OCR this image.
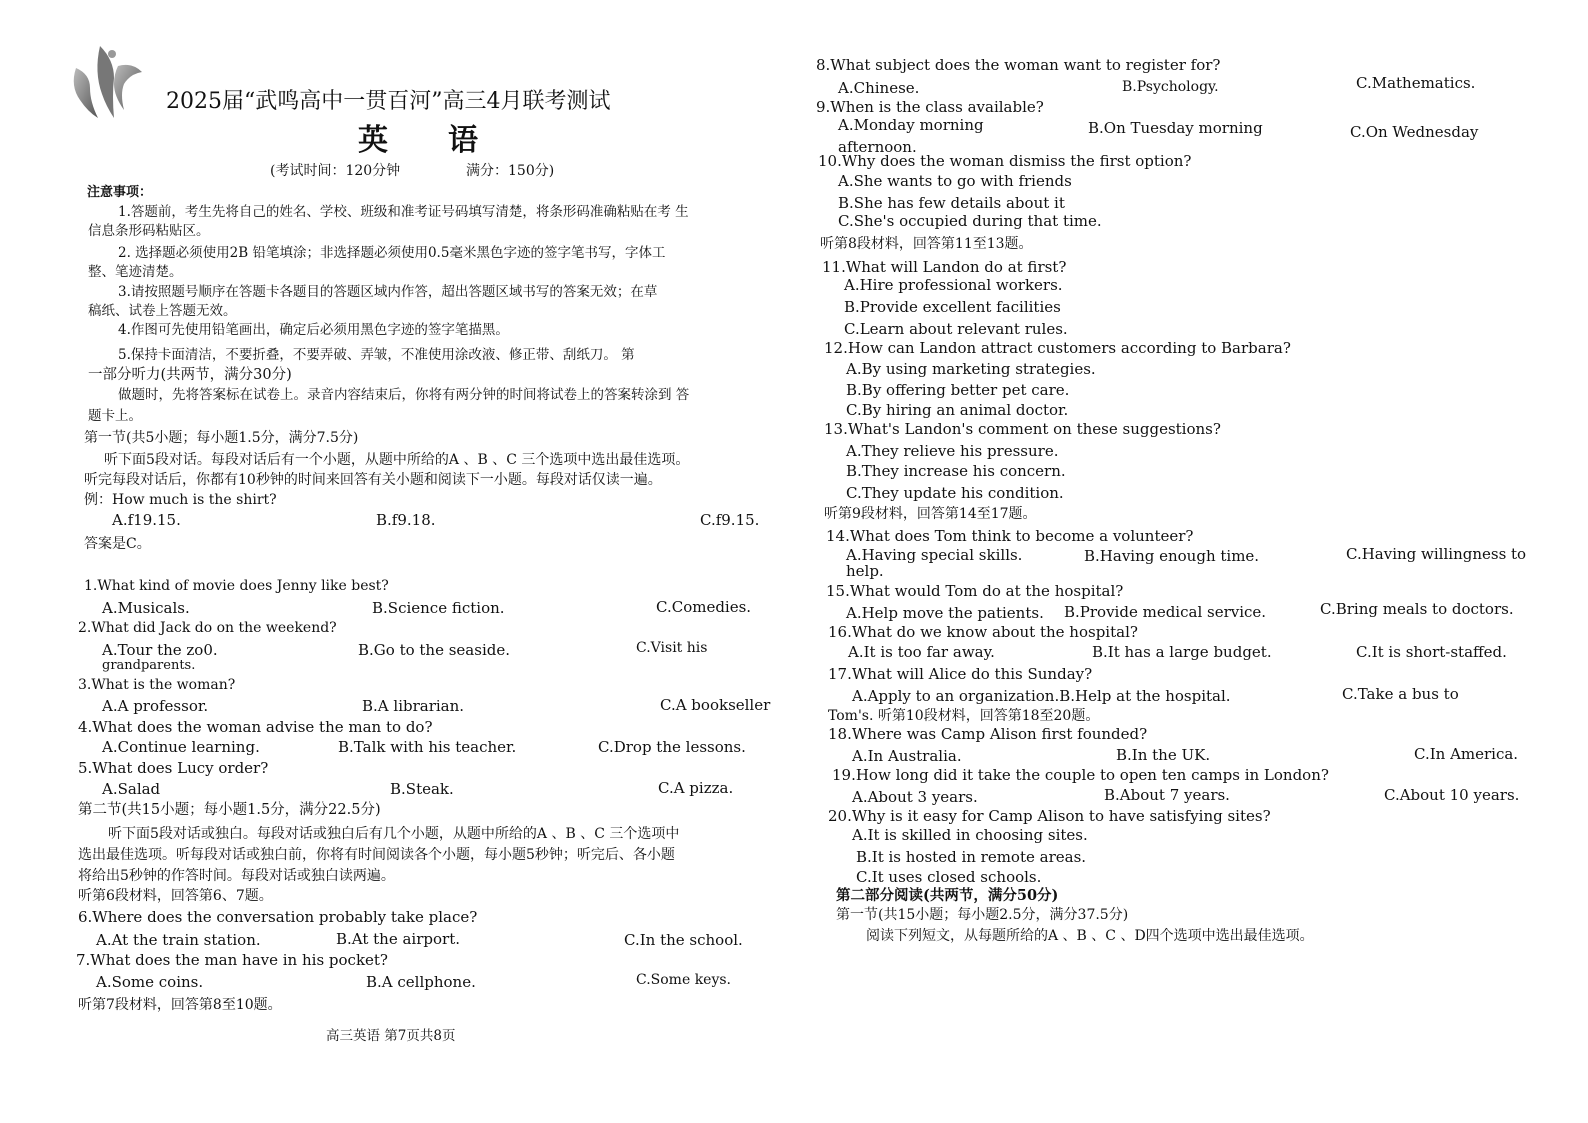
2025届“武鸣高中一贯百河”高三4月联考测试
英 语
(考试时间：120分钟	满分：150分)
注意事项：
1.答题前，考生先将自己的姓名、学校、班级和准考证号码填写清楚，将条形码准确粘贴在考 生
信息条形码粘贴区。
2. 选择题必须使用2B 铅笔填涂；非选择题必须使用0.5毫米黑色字迹的签字笔书写，字体工
整、笔迹清楚。
3.请按照题号顺序在答题卡各题目的答题区域内作答，超出答题区域书写的答案无效；在草
稿纸、试卷上答题无效。
4.作图可先使用铅笔画出，确定后必须用黑色字迹的签字笔描黑。
5.保持卡面清洁，不要折叠，不要弄破、弄皱，不准使用涂改液、修正带、刮纸刀。 第
一部分听力(共两节，满分30分)
做题时，先将答案标在试卷上。录音内容结束后，你将有两分钟的时间将试卷上的答案转涂到 答
题卡上。
第一节(共5小题；每小题1.5分，满分7.5分)
听下面5段对话。每段对话后有一个小题，从题中所给的A 、B 、C 三个选项中选出最佳选项。
听完每段对话后，你都有10秒钟的时间来回答有关小题和阅读下一小题。每段对话仅读一遍。
例：How much is the shirt?
A.f19.15.	B.f9.18.	C.f9.15.
答案是C。
1.What kind of movie does Jenny like best?
A.Musicals.	B.Science fiction.	C.Comedies.
2.What did Jack do on the weekend?
A.Tour the zo0.	B.Go to the seaside.	C.Visit his
grandparents.
3.What is the woman?
A.A professor.	B.A librarian.	C.A bookseller
4.What does the woman advise the man to do?
A.Continue learning.	B.Talk with his teacher.	C.Drop the lessons.
5.What does Lucy order?
A.Salad	B.Steak.	C.A pizza.
第二节(共15小题；每小题1.5分，满分22.5分)
听下面5段对话或独白。每段对话或独白后有几个小题，从题中所给的A 、B 、C 三个选项中
选出最佳选项。听每段对话或独白前，你将有时间阅读各个小题，每小题5秒钟；听完后、各小题
将给出5秒钟的作答时间。每段对话或独白读两遍。
听第6段材料，回答第6、7题。
6.Where does the conversation probably take place?
A.At the train station.	B.At the airport.	C.In the school.
7.What does the man have in his pocket?
A.Some coins.	B.A cellphone.	C.Some keys.
听第7段材料，回答第8至10题。
高三英语 第7页共8页
8.What subject does the woman want to register for?
A.Chinese.	B.Psychology.	C.Mathematics.
9.When is the class available?
A.Monday morning	B.On Tuesday morning	C.On Wednesday
afternoon.
10.Why does the woman dismiss the first option?
A.She wants to go with friends
B.She has few details about it
C.She's occupied during that time.
听第8段材料，回答第11至13题。
11.What will Landon do at first?
A.Hire professional workers.
B.Provide excellent facilities
C.Learn about relevant rules.
12.How can Landon attract customers according to Barbara?
A.By using marketing strategies.
B.By offering better pet care.
C.By hiring an animal doctor.
13.What's Landon's comment on these suggestions?
A.They relieve his pressure.
B.They increase his concern.
C.They update his condition.
听第9段材料，回答第14至17题。
14.What does Tom think to become a volunteer?
A.Having special skills.	B.Having enough time.	C.Having willingness to
help.
15.What would Tom do at the hospital?
A.Help move the patients. B.Provide medical service.	C.Bring meals to doctors.
16.What do we know about the hospital?
A.It is too far away.	B.It has a large budget.	C.It is short-staffed.
17.What will Alice do this Sunday?
A.Apply to an organization.B.Help at the hospital.	C.Take a bus to
Tom's. 听第10段材料，回答第18至20题。
18.Where was Camp Alison first founded?
A.In Australia.	B.In the UK.	C.In America.
19.How long did it take the couple to open ten camps in London?
A.About 3 years.	B.About 7 years.	C.About 10 years.
20.Why is it easy for Camp Alison to have satisfying sites?
A.It is skilled in choosing sites.
B.It is hosted in remote areas.
C.It uses closed schools.
第二部分阅读(共两节，满分50分)
第一节(共15小题；每小题2.5分，满分37.5分)
阅读下列短文，从每题所给的A 、B 、C 、D四个选项中选出最佳选项。
